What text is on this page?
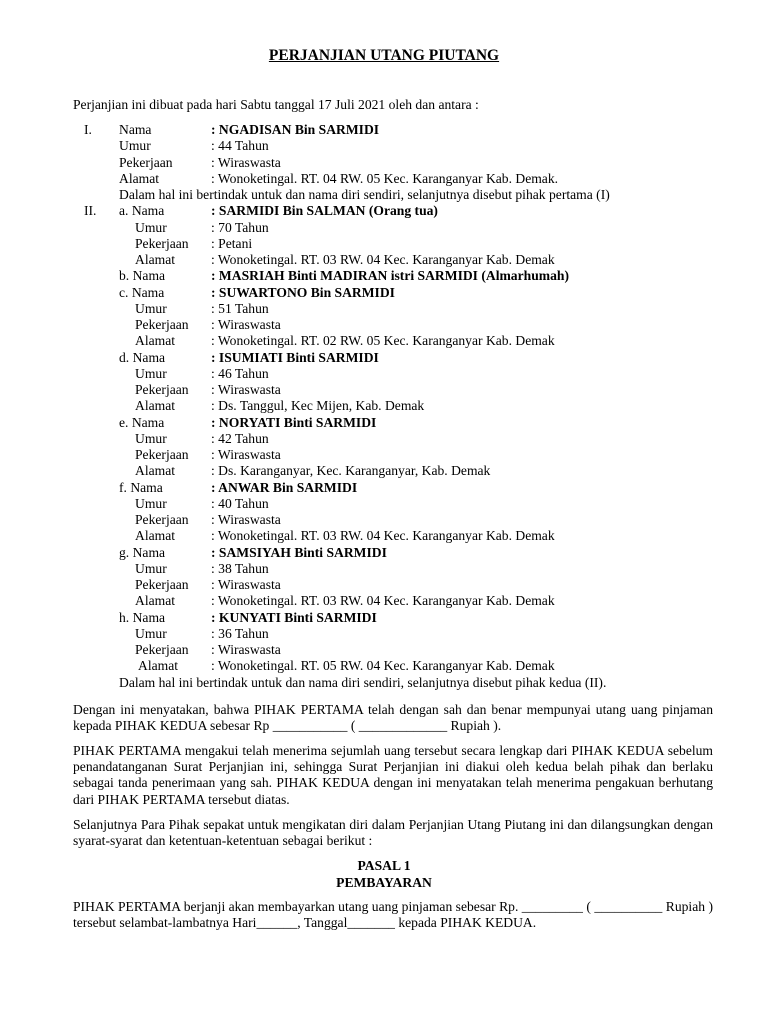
PERJANJIAN UTANG PIUTANG
Perjanjian ini dibuat pada hari Sabtu tanggal 17 Juli 2021 oleh dan antara :
I. Nama	: NGADISAN Bin SARMIDI
Umur	: 44 Tahun
Pekerjaan	: Wiraswasta
Alamat	: Wonoketingal. RT. 04 RW. 05 Kec. Karanganyar Kab. Demak.
Dalam hal ini bertindak untuk dan nama diri sendiri, selanjutnya disebut pihak pertama (I)
II. a. Nama	: SARMIDI Bin SALMAN (Orang tua)
Umur	: 70 Tahun
Pekerjaan : Petani
Alamat	: Wonoketingal. RT. 03 RW. 04 Kec. Karanganyar Kab. Demak
b. Nama	: MASRIAH Binti MADIRAN istri SARMIDI (Almarhumah)
c. Nama	: SUWARTONO Bin SARMIDI
Umur	: 51 Tahun
Pekerjaan : Wiraswasta
Alamat	: Wonoketingal. RT. 02 RW. 05 Kec. Karanganyar Kab. Demak
d. Nama	: ISUMIATI Binti SARMIDI
Umur	: 46 Tahun
Pekerjaan : Wiraswasta
Alamat	: Ds. Tanggul, Kec Mijen, Kab. Demak
e. Nama	: NORYATI Binti SARMIDI
Umur	: 42 Tahun
Pekerjaan : Wiraswasta
Alamat	: Ds. Karanganyar, Kec. Karanganyar, Kab. Demak
f. Nama	: ANWAR Bin SARMIDI
Umur	: 40 Tahun
Pekerjaan : Wiraswasta
Alamat	: Wonoketingal. RT. 03 RW. 04 Kec. Karanganyar Kab. Demak
g. Nama	: SAMSIYAH Binti SARMIDI
Umur	: 38 Tahun
Pekerjaan : Wiraswasta
Alamat	: Wonoketingal. RT. 03 RW. 04 Kec. Karanganyar Kab. Demak
h. Nama	: KUNYATI Binti SARMIDI
Umur	: 36 Tahun
Pekerjaan : Wiraswasta
Alamat : Wonoketingal. RT. 05 RW. 04 Kec. Karanganyar Kab. Demak
Dalam hal ini bertindak untuk dan nama diri sendiri, selanjutnya disebut pihak kedua (II).
Dengan ini menyatakan, bahwa PIHAK PERTAMA telah dengan sah dan benar mempunyai utang uang pinjaman kepada PIHAK KEDUA sebesar Rp ___________ ( _____________ Rupiah ).
PIHAK PERTAMA mengakui telah menerima sejumlah uang tersebut secara lengkap dari PIHAK KEDUA sebelum penandatanganan Surat Perjanjian ini, sehingga Surat Perjanjian ini diakui oleh kedua belah pihak dan berlaku sebagai tanda penerimaan yang sah. PIHAK KEDUA dengan ini menyatakan telah menerima pengakuan berhutang dari PIHAK PERTAMA tersebut diatas.
Selanjutnya Para Pihak sepakat untuk mengikatan diri dalam Perjanjian Utang Piutang ini dan dilangsungkan dengan syarat-syarat dan ketentuan-ketentuan sebagai berikut :
PASAL 1
PEMBAYARAN
PIHAK PERTAMA berjanji akan membayarkan utang uang pinjaman sebesar Rp. _________ ( __________ Rupiah ) tersebut selambat-lambatnya Hari______, Tanggal_______ kepada PIHAK KEDUA.
